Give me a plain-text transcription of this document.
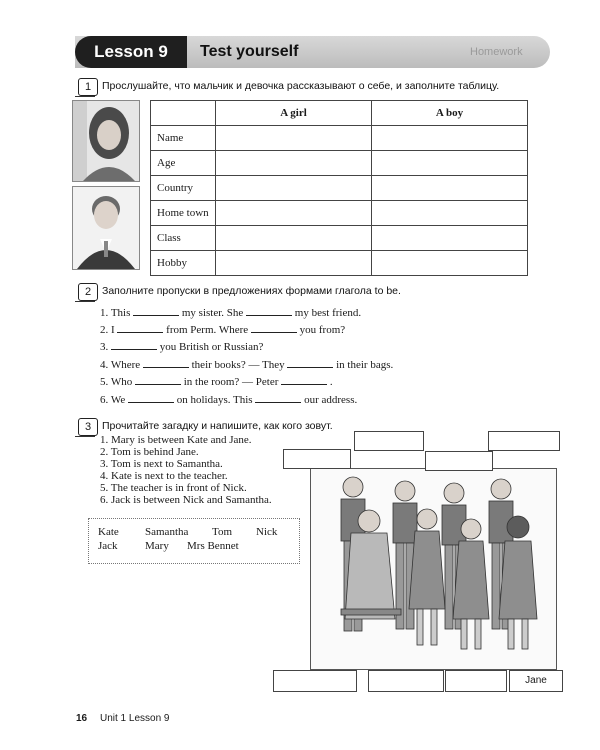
Lesson 9	Test yourself	Homework
1	Прослушайте, что мальчик и девочка рассказывают о себе, и заполните таблицу.
	A girl	A boy
Name		
Age		
Country		
Home town		
Class		
Hobby		
2	Заполните пропуски в предложениях формами глагола to be.
1. This	my sister. She	my best friend.
2. I	from Perm. Where	you from?
3.	you British or Russian?
4. Where	their books? — They	in their bags.
5. Who	in the room? — Peter	.
6. We	on holidays. This	our address.
3	Прочитайте загадку и напишите, как кого зовут.
1. Mary is between Kate and Jane.
2. Tom is behind Jane.
3. Tom is next to Samantha.
4. Kate is next to the teacher.
5. The teacher is in front of Nick.
6. Jack is between Nick and Samantha.
Kate Samantha Tom Nick
Jack Mary Mrs Bennet
Jane
16 Unit 1 Lesson 9
